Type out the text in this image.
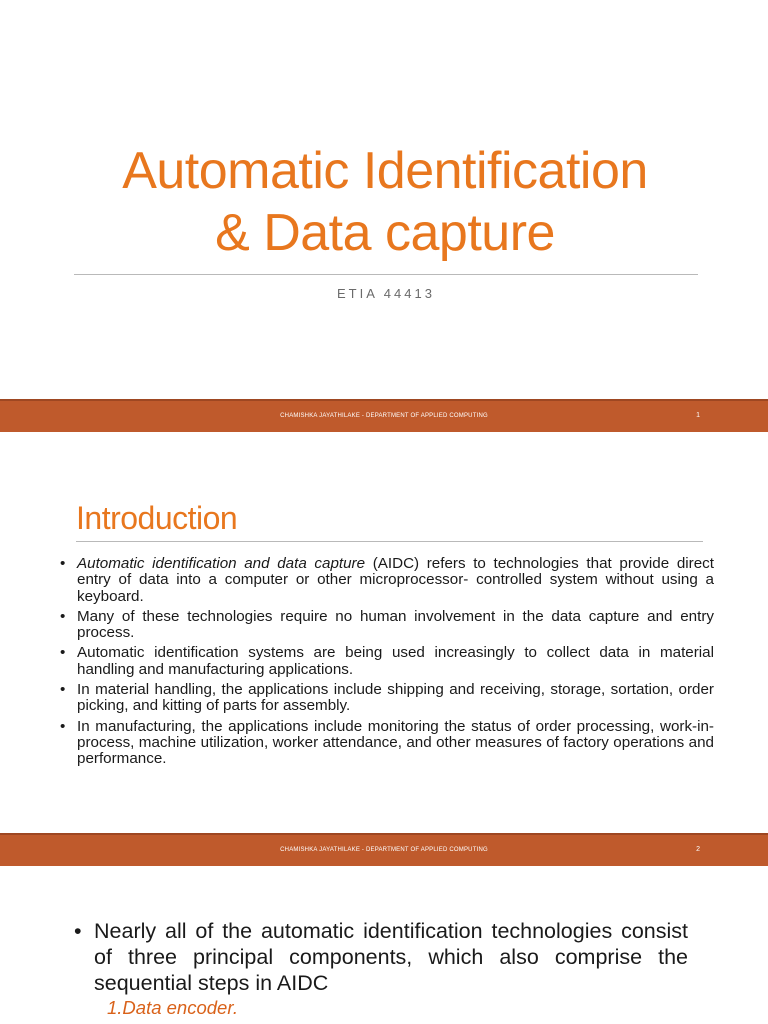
Automatic Identification
& Data capture
ETIA 44413
CHAMISHKA JAYATHILAKE - DEPARTMENT OF APPLIED COMPUTING	1
Introduction
• Automatic identification and data capture (AIDC) refers to technologies that provide direct entry of data into a computer or other microprocessor- controlled system without using a keyboard.
• Many of these technologies require no human involvement in the data capture and entry process.
• Automatic identification systems are being used increasingly to collect data in material handling and manufacturing applications.
• In material handling, the applications include shipping and receiving, storage, sortation, order picking, and kitting of parts for assembly.
• In manufacturing, the applications include monitoring the status of order processing, work-in-process, machine utilization, worker attendance, and other measures of factory operations and performance.
CHAMISHKA JAYATHILAKE - DEPARTMENT OF APPLIED COMPUTING	2
• Nearly all of the automatic identification technologies consist of three principal components, which also comprise the sequential steps in AIDC
1.Data encoder.
